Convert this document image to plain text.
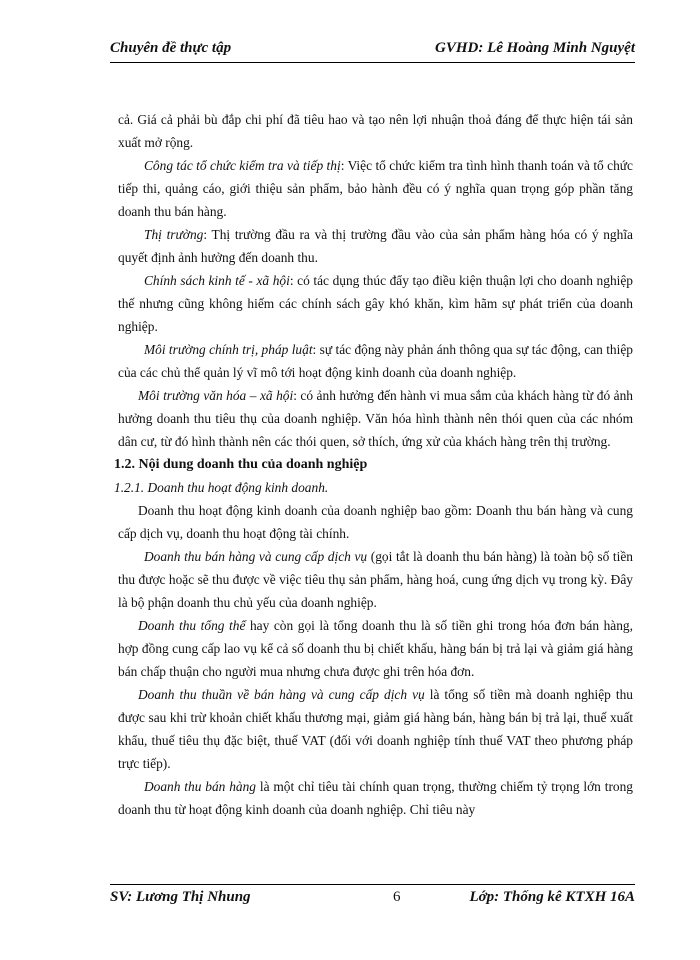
Chuyên đề thực tập	GVHD: Lê Hoàng Minh Nguyệt

cả. Giá cả phải bù đắp chi phí đã tiêu hao và tạo nên lợi nhuận thoả đáng để thực hiện tái sản xuất mở rộng.

Công tác tổ chức kiểm tra và tiếp thị: Việc tổ chức kiểm tra tình hình thanh toán và tổ chức tiếp thi, quảng cáo, giới thiệu sản phẩm, bảo hành đều có ý nghĩa quan trọng góp phần tăng doanh thu bán hàng.

Thị trường: Thị trường đầu ra và thị trường đầu vào của sản phẩm hàng hóa có ý nghĩa quyết định ảnh hưởng đến doanh thu.

Chính sách kinh tế - xã hội: có tác dụng thúc đẩy tạo điều kiện thuận lợi cho doanh nghiệp thế nhưng cũng không hiếm các chính sách gây khó khăn, kìm hãm sự phát triển của doanh nghiệp.

Môi trường chính trị, pháp luật: sự tác động này phản ánh thông qua sự tác động, can thiệp của các chủ thể quản lý vĩ mô tới hoạt động kinh doanh của doanh nghiệp.

Môi trường văn hóa – xã hội: có ảnh hưởng đến hành vi mua sắm của khách hàng từ đó ảnh hưởng doanh thu tiêu thụ của doanh nghiệp. Văn hóa hình thành nên thói quen của các nhóm dân cư, từ đó hình thành nên các thói quen, sở thích, ứng xử của khách hàng trên thị trường.

1.2. Nội dung doanh thu của doanh nghiệp

1.2.1. Doanh thu hoạt động kinh doanh.

Doanh thu hoạt động kinh doanh của doanh nghiệp bao gồm: Doanh thu bán hàng và cung cấp dịch vụ, doanh thu hoạt động tài chính.

Doanh thu bán hàng và cung cấp dịch vụ (gọi tắt là doanh thu bán hàng) là toàn bộ số tiền thu được hoặc sẽ thu được về việc tiêu thụ sản phẩm, hàng hoá, cung ứng dịch vụ trong kỳ. Đây là bộ phận doanh thu chủ yếu của doanh nghiệp.

Doanh thu tổng thể hay còn gọi là tổng doanh thu là số tiền ghi trong hóa đơn bán hàng, hợp đồng cung cấp lao vụ kể cả số doanh thu bị chiết khấu, hàng bán bị trả lại và giảm giá hàng bán chấp thuận cho người mua nhưng chưa được ghi trên hóa đơn.

Doanh thu thuần về bán hàng và cung cấp dịch vụ là tổng số tiền mà doanh nghiệp thu được sau khi trừ khoản chiết khấu thương mại, giảm giá hàng bán, hàng bán bị trả lại, thuế xuất khẩu, thuế tiêu thụ đặc biệt, thuế VAT (đối với doanh nghiệp tính thuế VAT theo phương pháp trực tiếp).

Doanh thu bán hàng là một chỉ tiêu tài chính quan trọng, thường chiếm tỷ trọng lớn trong doanh thu từ hoạt động kinh doanh của doanh nghiệp. Chỉ tiêu này

SV: Lương Thị Nhung	6	Lớp: Thống kê KTXH 16A
